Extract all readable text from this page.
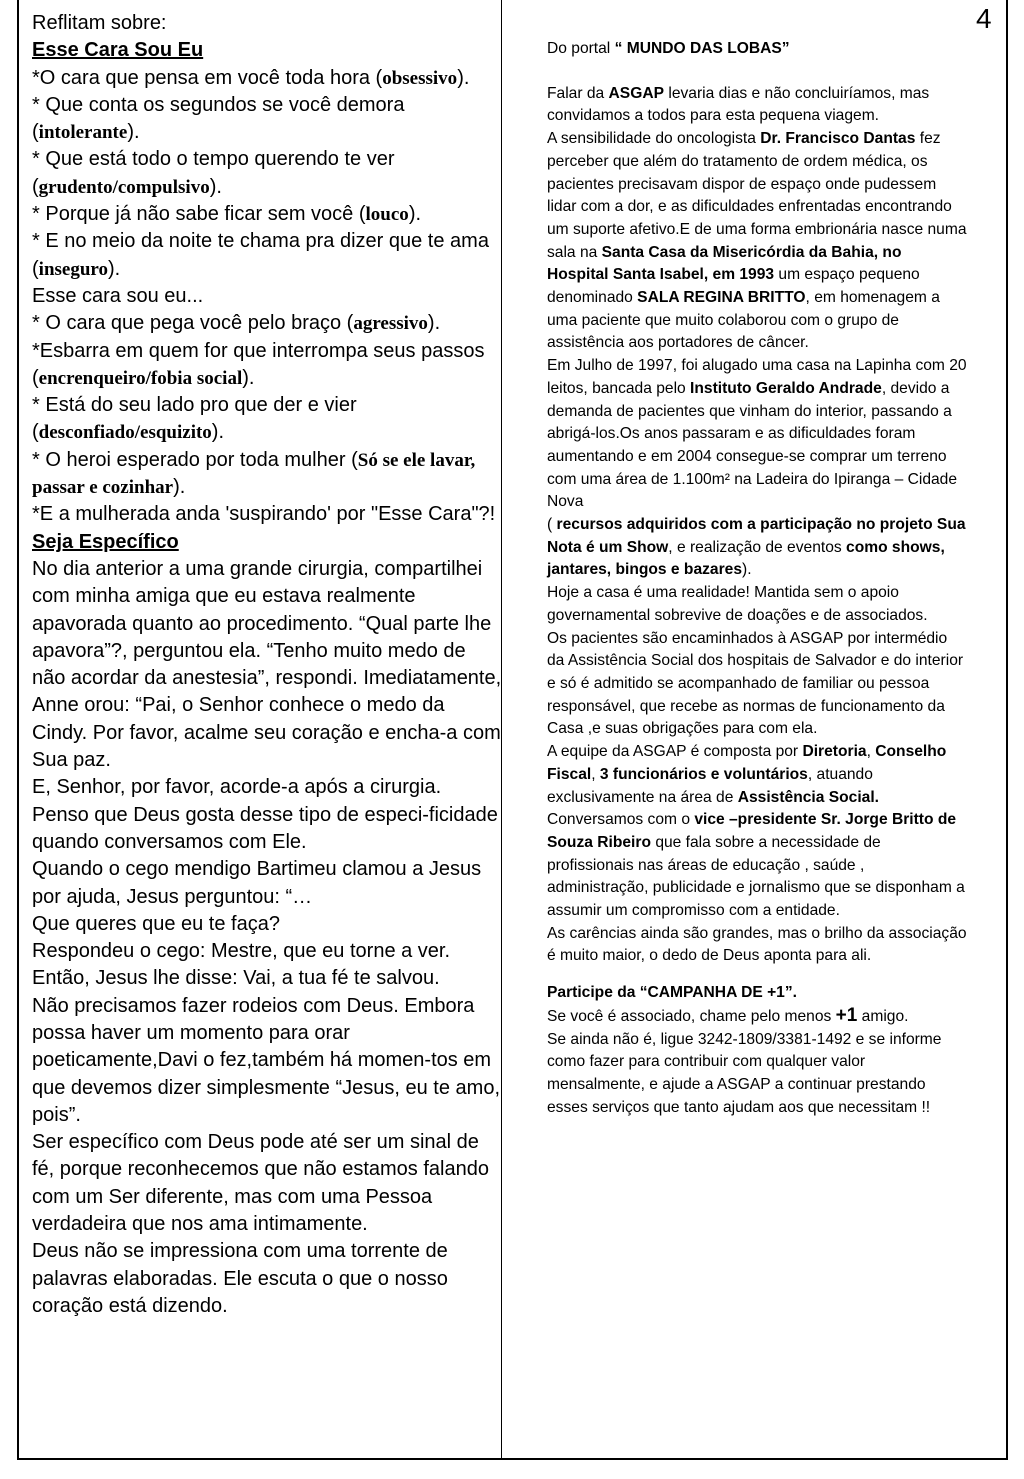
4

Reflitam sobre:

Esse Cara Sou Eu

*O cara que pensa em você toda hora (obsessivo).

* Que conta os segundos se você demora (intolerante).

* Que está todo o tempo querendo te ver (grudento/compulsivo).

* Porque já não sabe ficar sem você (louco).

* E no meio da noite te chama pra dizer que te ama (inseguro).

Esse cara sou eu...

* O cara que pega você pelo braço (agressivo).

*Esbarra em quem for que interrompa seus passos (encrenqueiro/fobia social).

* Está do seu lado pro que der e vier (desconfiado/esquizito).

* O heroi esperado por toda mulher (Só se ele lavar, passar e cozinhar).

*E a mulherada anda 'suspirando' por "Esse Cara"?!

Seja Específico

No dia anterior a uma grande cirurgia, compartilhei com minha amiga que eu estava realmente apavorada quanto ao procedimento. “Qual parte lhe apavora”?, perguntou ela. “Tenho muito medo de não acordar da anestesia”, respondi. Imediatamente, Anne orou: “Pai, o Senhor conhece o medo da Cindy. Por favor, acalme seu coração e encha-a com Sua paz.

E, Senhor, por favor, acorde-a após a cirurgia. Penso que Deus gosta desse tipo de especi-ficidade quando conversamos com Ele.

Quando o cego mendigo Bartimeu clamou a Jesus por ajuda, Jesus perguntou: “…

Que queres que eu te faça?

Respondeu o cego: Mestre, que eu torne a ver. Então, Jesus lhe disse: Vai, a tua fé te salvou.

Não precisamos fazer rodeios com Deus. Embora possa haver um momento para orar poeticamente,Davi o fez,também há momen-tos em que devemos dizer simplesmente “Jesus, eu te amo, pois”.

Ser específico com Deus pode até ser um sinal de fé, porque reconhecemos que não estamos falando com um Ser diferente, mas com uma Pessoa verdadeira que nos ama intimamente.

Deus não se impressiona com uma torrente de palavras elaboradas. Ele escuta o que o nosso coração está dizendo.

Do portal “ MUNDO DAS LOBAS”

Falar da ASGAP levaria dias e não concluiríamos, mas convidamos a todos para esta pequena viagem.

A sensibilidade do oncologista Dr. Francisco Dantas fez perceber que além do tratamento de ordem médica, os pacientes precisavam dispor de espaço onde pudessem lidar com a dor, e as dificuldades enfrentadas encontrando um suporte afetivo.E de uma forma embrionária nasce numa sala na Santa Casa da Misericórdia da Bahia, no Hospital Santa Isabel, em 1993 um espaço pequeno denominado SALA REGINA BRITTO, em homenagem a uma paciente que muito colaborou com o grupo de assistência aos portadores de câncer.

Em Julho de 1997, foi alugado uma casa na Lapinha com 20 leitos, bancada pelo Instituto Geraldo Andrade, devido a demanda de pacientes que vinham do interior, passando a abrigá-los.Os anos passaram e as dificuldades foram aumentando e em 2004 consegue-se comprar um terreno com uma área de 1.100m² na Ladeira do Ipiranga – Cidade Nova

( recursos adquiridos com a participação no projeto Sua Nota é um Show, e realização de eventos como shows, jantares, bingos e bazares).

Hoje a casa é uma realidade! Mantida sem o apoio governamental sobrevive de doações e de associados.

Os pacientes são encaminhados à ASGAP por intermédio da Assistência Social dos hospitais de Salvador e do interior e só é admitido se acompanhado de familiar ou pessoa responsável, que recebe as normas de funcionamento da Casa ,e suas obrigações para com ela.

A equipe da ASGAP é composta por Diretoria, Conselho Fiscal, 3 funcionários e voluntários, atuando exclusivamente na área de Assistência Social.

Conversamos com o vice –presidente Sr. Jorge Britto de Souza Ribeiro que fala sobre a necessidade de profissionais nas áreas de educação , saúde , administração, publicidade e jornalismo que se disponham a assumir um compromisso com a entidade.

As carências ainda são grandes, mas o brilho da associação é muito maior, o dedo de Deus aponta para ali.

Participe da “CAMPANHA DE +1”.

Se você é associado, chame pelo menos +1 amigo.

Se ainda não é, ligue 3242-1809/3381-1492 e se informe como fazer para contribuir com qualquer valor mensalmente, e ajude a ASGAP a continuar prestando esses serviços que tanto ajudam aos que necessitam !!
